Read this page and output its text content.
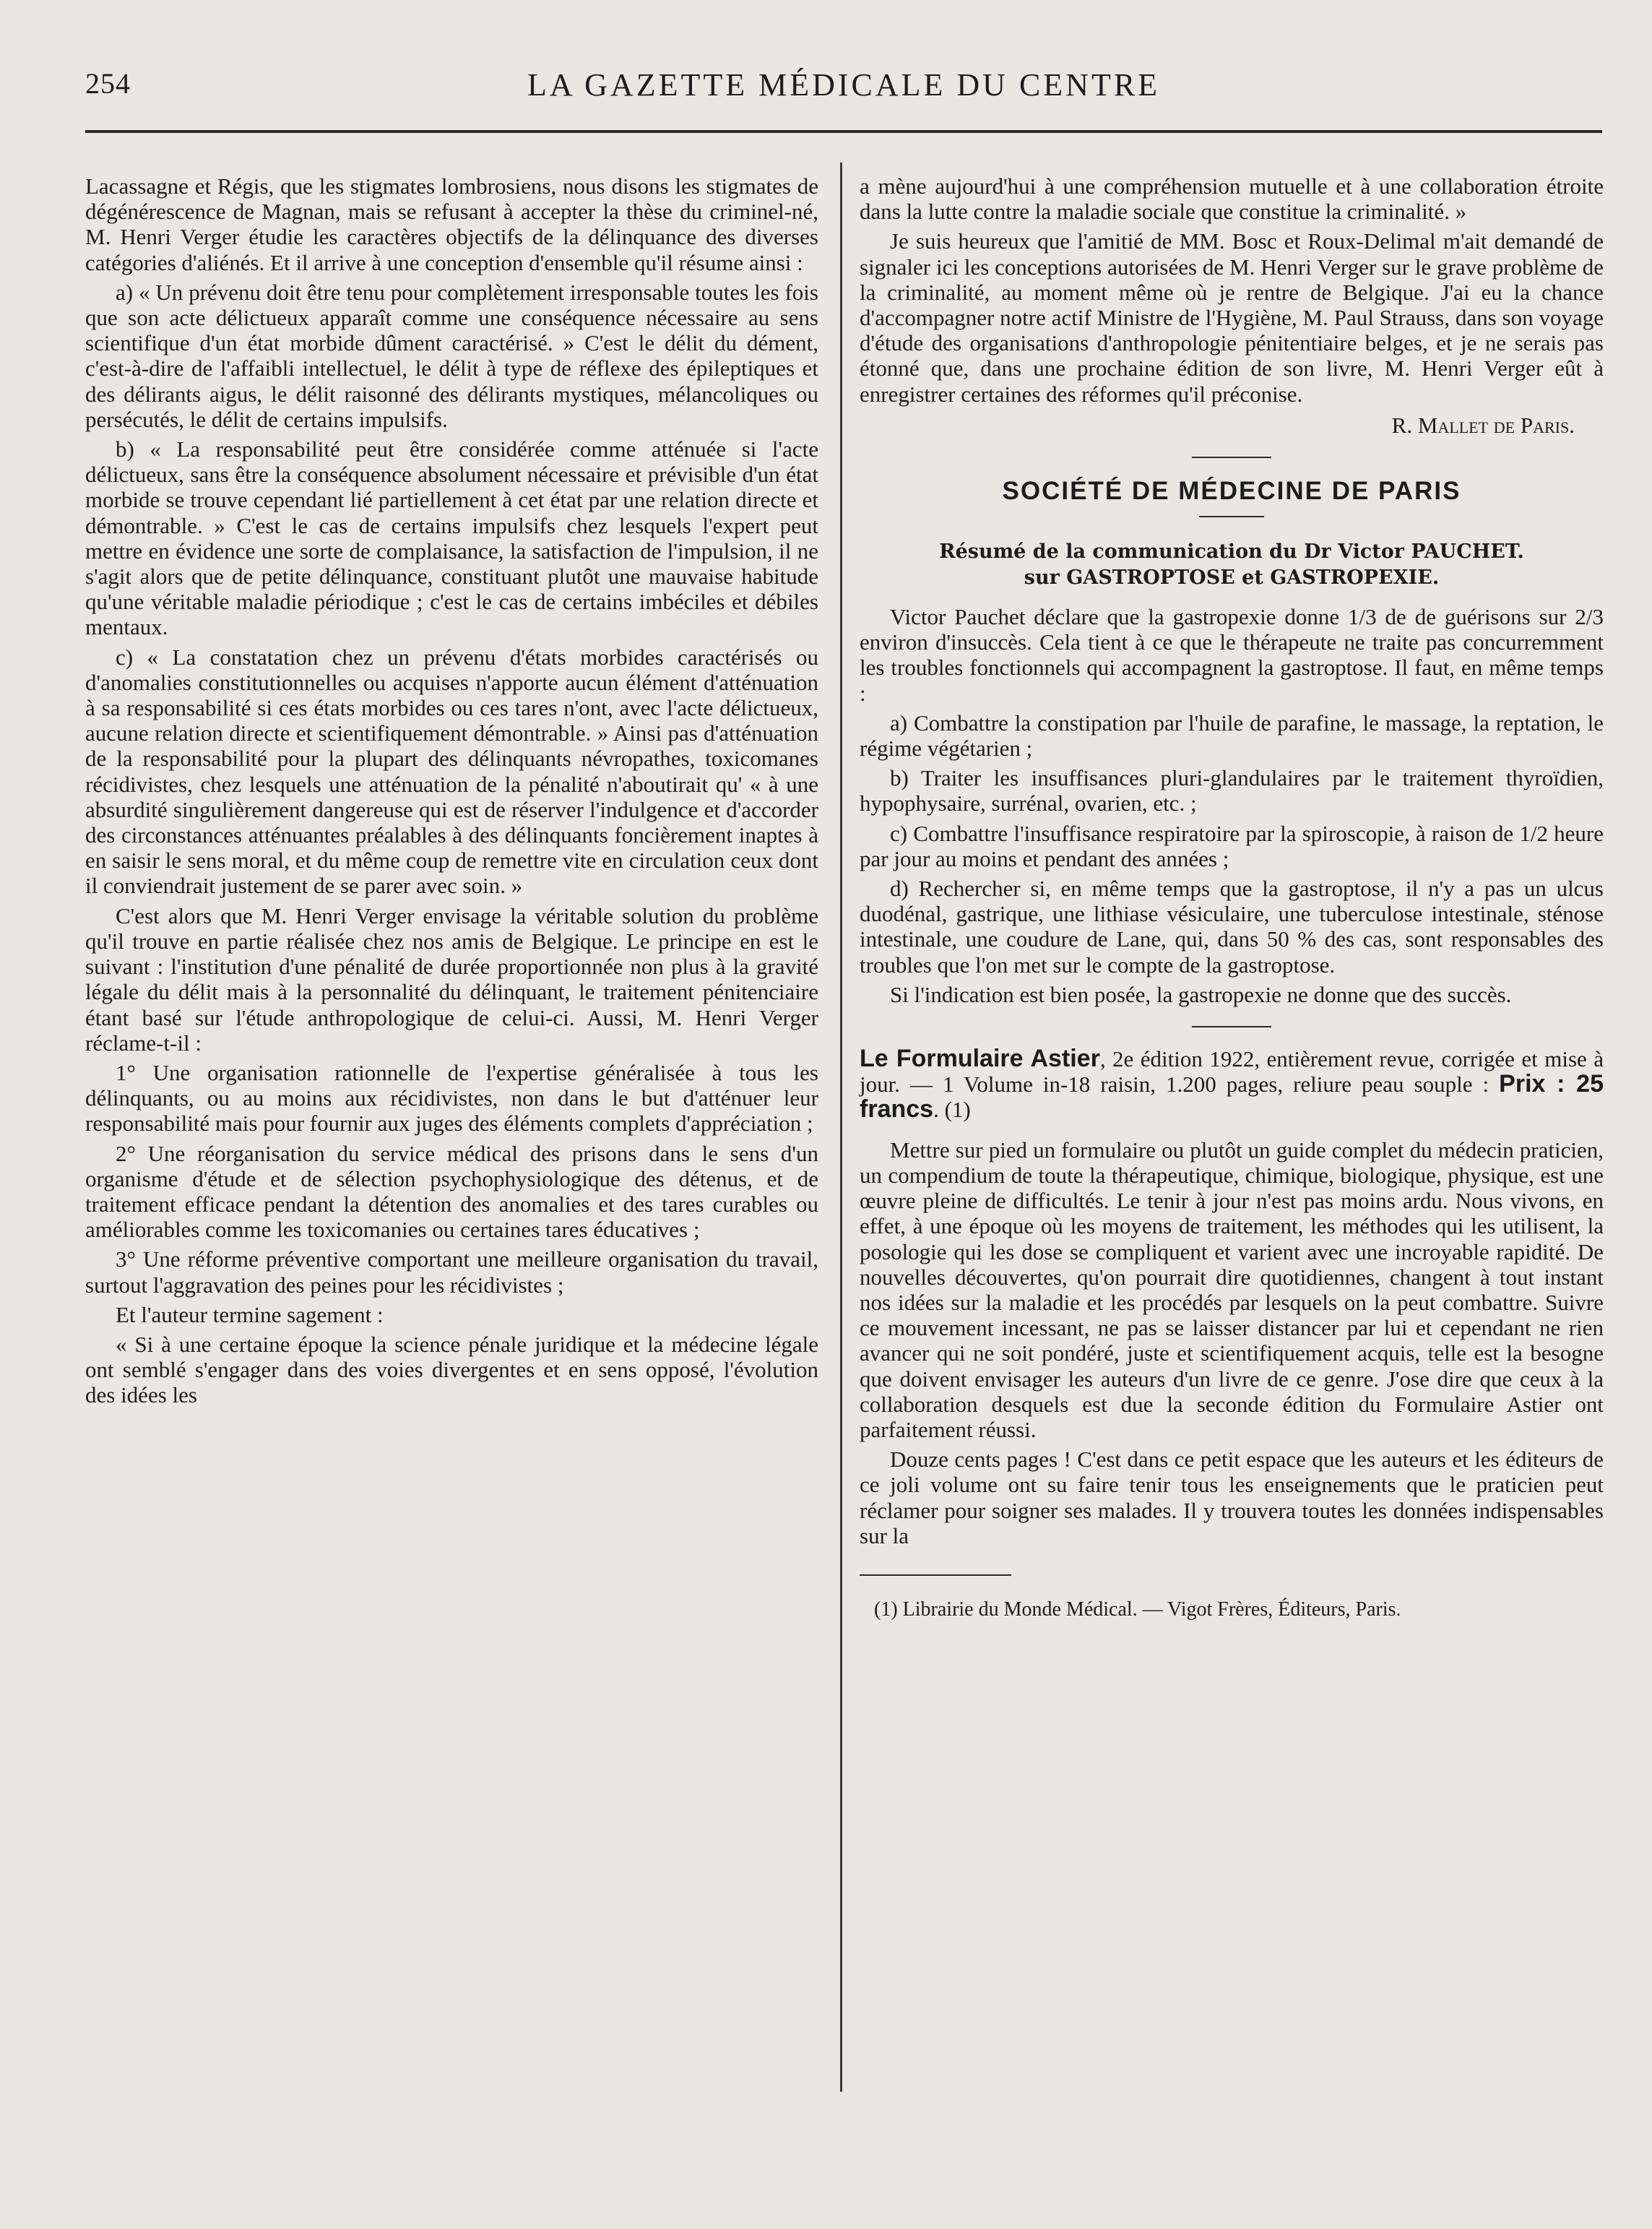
254	LA GAZETTE MÉDICALE DU CENTRE

Lacassagne et Régis, que les stigmates lombrosiens, nous disons les stigmates de dégénérescence de Magnan, mais se refusant à accepter la thèse du criminel-né, M. Henri Verger étudie les caractères objectifs de la délinquance des diverses catégories d'aliénés. Et il arrive à une conception d'ensemble qu'il résume ainsi :

a) « Un prévenu doit être tenu pour complètement irresponsable toutes les fois que son acte délictueux apparaît comme une conséquence nécessaire au sens scientifique d'un état morbide dûment caractérisé. » C'est le délit du dément, c'est-à-dire de l'affaibli intellectuel, le délit à type de réflexe des épileptiques et des délirants aigus, le délit raisonné des délirants mystiques, mélancoliques ou persécutés, le délit de certains impulsifs.

b) « La responsabilité peut être considérée comme atténuée si l'acte délictueux, sans être la conséquence absolument nécessaire et prévisible d'un état morbide se trouve cependant lié partiellement à cet état par une relation directe et démontrable. » C'est le cas de certains impulsifs chez lesquels l'expert peut mettre en évidence une sorte de complaisance, la satisfaction de l'impulsion, il ne s'agit alors que de petite délinquance, constituant plutôt une mauvaise habitude qu'une véritable maladie périodique ; c'est le cas de certains imbéciles et débiles mentaux.

c) « La constatation chez un prévenu d'états morbides caractérisés ou d'anomalies constitutionnelles ou acquises n'apporte aucun élément d'atténuation à sa responsabilité si ces états morbides ou ces tares n'ont, avec l'acte délictueux, aucune relation directe et scientifiquement démontrable. » Ainsi pas d'atténuation de la responsabilité pour la plupart des délinquants névropathes, toxicomanes récidivistes, chez lesquels une atténuation de la pénalité n'aboutirait qu' « à une absurdité singulièrement dangereuse qui est de réserver l'indulgence et d'accorder des circonstances atténuantes préalables à des délinquants foncièrement inaptes à en saisir le sens moral, et du même coup de remettre vite en circulation ceux dont il conviendrait justement de se parer avec soin. »

C'est alors que M. Henri Verger envisage la véritable solution du problème qu'il trouve en partie réalisée chez nos amis de Belgique. Le principe en est le suivant : l'institution d'une pénalité de durée proportionnée non plus à la gravité légale du délit mais à la personnalité du délinquant, le traitement pénitenciaire étant basé sur l'étude anthropologique de celui-ci. Aussi, M. Henri Verger réclame-t-il :

1° Une organisation rationnelle de l'expertise généralisée à tous les délinquants, ou au moins aux récidivistes, non dans le but d'atténuer leur responsabilité mais pour fournir aux juges des éléments complets d'appréciation ;

2° Une réorganisation du service médical des prisons dans le sens d'un organisme d'étude et de sélection psychophysiologique des détenus, et de traitement efficace pendant la détention des anomalies et des tares curables ou améliorables comme les toxicomanies ou certaines tares éducatives ;

3° Une réforme préventive comportant une meilleure organisation du travail, surtout l'aggravation des peines pour les récidivistes ;

Et l'auteur termine sagement :

« Si à une certaine époque la science pénale juridique et la médecine légale ont semblé s'engager dans des voies divergentes et en sens opposé, l'évolution des idées les

a mène aujourd'hui à une compréhension mutuelle et à une collaboration étroite dans la lutte contre la maladie sociale que constitue la criminalité. »

Je suis heureux que l'amitié de MM. Bosc et Roux-Delimal m'ait demandé de signaler ici les conceptions autorisées de M. Henri Verger sur le grave problème de la criminalité, au moment même où je rentre de Belgique. J'ai eu la chance d'accompagner notre actif Ministre de l'Hygiène, M. Paul Strauss, dans son voyage d'étude des organisations d'anthropologie pénitentiaire belges, et je ne serais pas étonné que, dans une prochaine édition de son livre, M. Henri Verger eût à enregistrer certaines des réformes qu'il préconise.

R. Mallet de Paris.

SOCIÉTÉ DE MÉDECINE DE PARIS
Résumé de la communication du Dr Victor PAUCHET.
sur GASTROPTOSE et GASTROPEXIE.

Victor Pauchet déclare que la gastropexie donne 1/3 de de guérisons sur 2/3 environ d'insuccès. Cela tient à ce que le thérapeute ne traite pas concurremment les troubles fonctionnels qui accompagnent la gastroptose. Il faut, en même temps :

a) Combattre la constipation par l'huile de parafine, le massage, la reptation, le régime végétarien ;

b) Traiter les insuffisances pluri-glandulaires par le traitement thyroïdien, hypophysaire, surrénal, ovarien, etc. ;

c) Combattre l'insuffisance respiratoire par la spiroscopie, à raison de 1/2 heure par jour au moins et pendant des années ;

d) Rechercher si, en même temps que la gastroptose, il n'y a pas un ulcus duodénal, gastrique, une lithiase vésiculaire, une tuberculose intestinale, sténose intestinale, une coudure de Lane, qui, dans 50 % des cas, sont responsables des troubles que l'on met sur le compte de la gastroptose.

Si l'indication est bien posée, la gastropexie ne donne que des succès.

Le Formulaire Astier, 2e édition 1922, entièrement revue, corrigée et mise à jour. — 1 Volume in-18 raisin, 1.200 pages, reliure peau souple : Prix : 25 francs. (1)

Mettre sur pied un formulaire ou plutôt un guide complet du médecin praticien, un compendium de toute la thérapeutique, chimique, biologique, physique, est une œuvre pleine de difficultés. Le tenir à jour n'est pas moins ardu. Nous vivons, en effet, à une époque où les moyens de traitement, les méthodes qui les utilisent, la posologie qui les dose se compliquent et varient avec une incroyable rapidité. De nouvelles découvertes, qu'on pourrait dire quotidiennes, changent à tout instant nos idées sur la maladie et les procédés par lesquels on la peut combattre. Suivre ce mouvement incessant, ne pas se laisser distancer par lui et cependant ne rien avancer qui ne soit pondéré, juste et scientifiquement acquis, telle est la besogne que doivent envisager les auteurs d'un livre de ce genre. J'ose dire que ceux à la collaboration desquels est due la seconde édition du Formulaire Astier ont parfaitement réussi.

Douze cents pages ! C'est dans ce petit espace que les auteurs et les éditeurs de ce joli volume ont su faire tenir tous les enseignements que le praticien peut réclamer pour soigner ses malades. Il y trouvera toutes les données indispensables sur la

(1) Librairie du Monde Médical. — Vigot Frères, Éditeurs, Paris.
